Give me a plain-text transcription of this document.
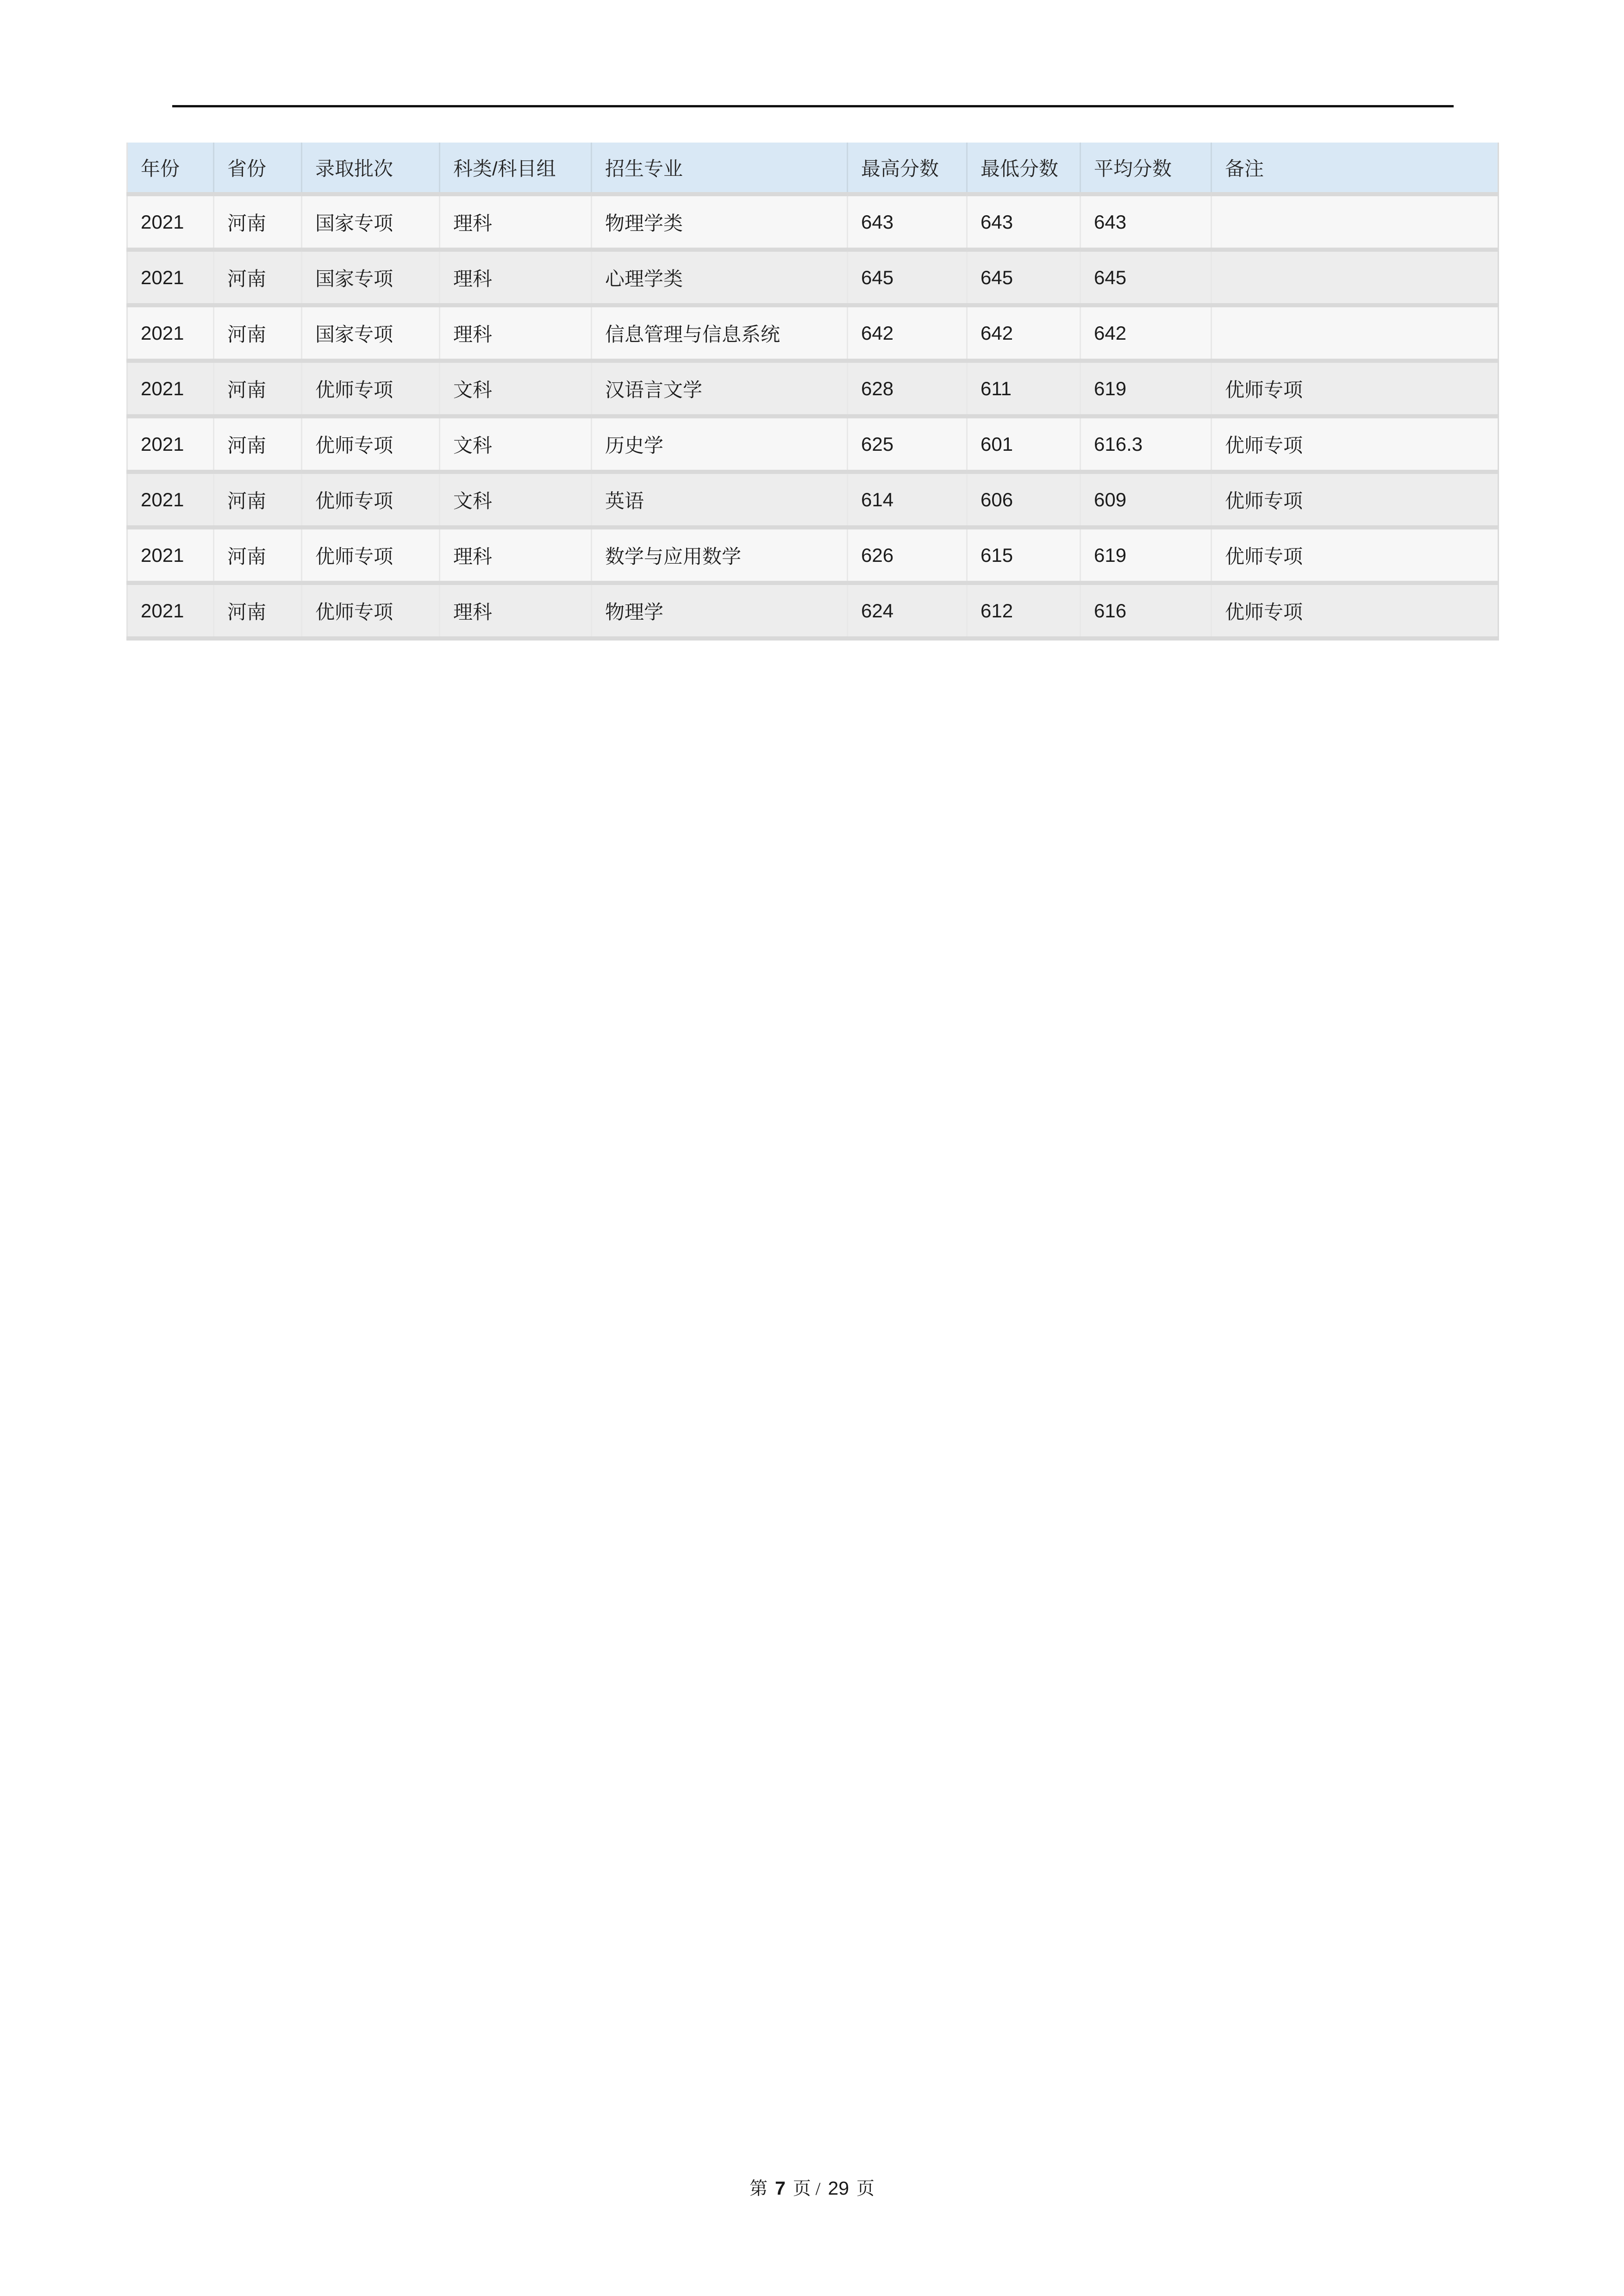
年份	省份	录取批次	科类/科目组	招生专业	最高分数	最低分数	平均分数	备注
2021	河南	国家专项	理科	物理学类	643	643	643	
2021	河南	国家专项	理科	心理学类	645	645	645	
2021	河南	国家专项	理科	信息管理与信息系统	642	642	642	
2021	河南	优师专项	文科	汉语言文学	628	611	619	优师专项
2021	河南	优师专项	文科	历史学	625	601	616.3	优师专项
2021	河南	优师专项	文科	英语	614	606	609	优师专项
2021	河南	优师专项	理科	数学与应用数学	626	615	619	优师专项
2021	河南	优师专项	理科	物理学	624	612	616	优师专项
第 7 页 / 29 页
